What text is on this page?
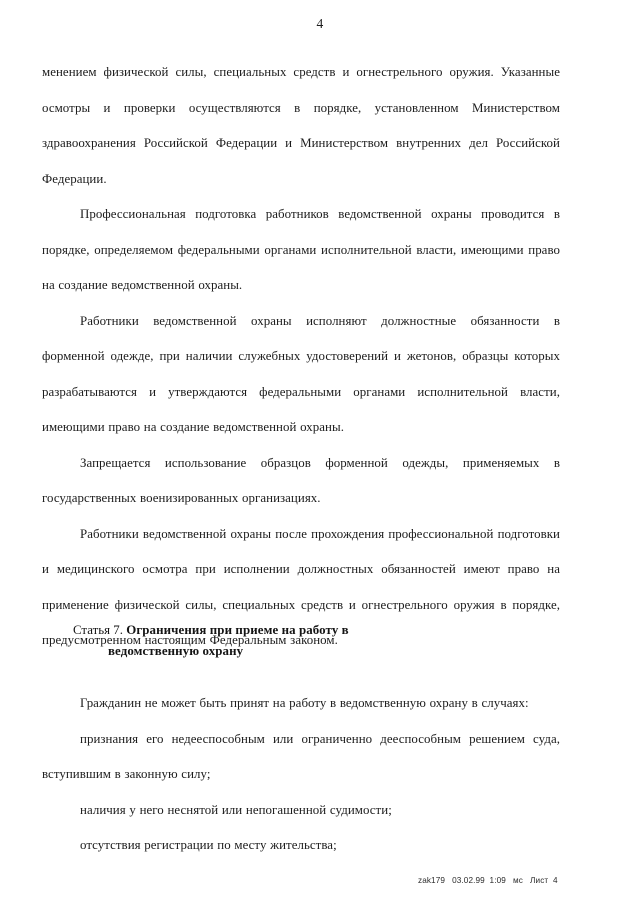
4

менением физической силы, специальных средств и огнестрельного оружия. Указанные осмотры и проверки осуществляются в порядке, установленном Министерством здравоохранения Российской Федерации и Министерством внутренних дел Российской Федерации.

Профессиональная подготовка работников ведомственной охраны проводится в порядке, определяемом федеральными органами исполнительной власти, имеющими право на создание ведомственной охраны.

Работники ведомственной охраны исполняют должностные обязанности в форменной одежде, при наличии служебных удостоверений и жетонов, образцы которых разрабатываются и утверждаются федеральными органами исполнительной власти, имеющими право на создание ведомственной охраны.

Запрещается использование образцов форменной одежды, применяемых в государственных военизированных организациях.

Работники ведомственной охраны после прохождения профессиональной подготовки и медицинского осмотра при исполнении должностных обязанностей имеют право на применение физической силы, специальных средств и огнестрельного оружия в порядке, предусмотренном настоящим Федеральным законом.

Статья 7. Ограничения при приеме на работу в
ведомственную охрану

Гражданин не может быть принят на работу в ведомственную охрану в случаях:

признания его недееспособным или ограниченно дееспособным решением суда, вступившим в законную силу;

наличия у него неснятой или непогашенной судимости;

отсутствия регистрации по месту жительства;

zak179   03.02.99  1:09   мс   Лист  4
